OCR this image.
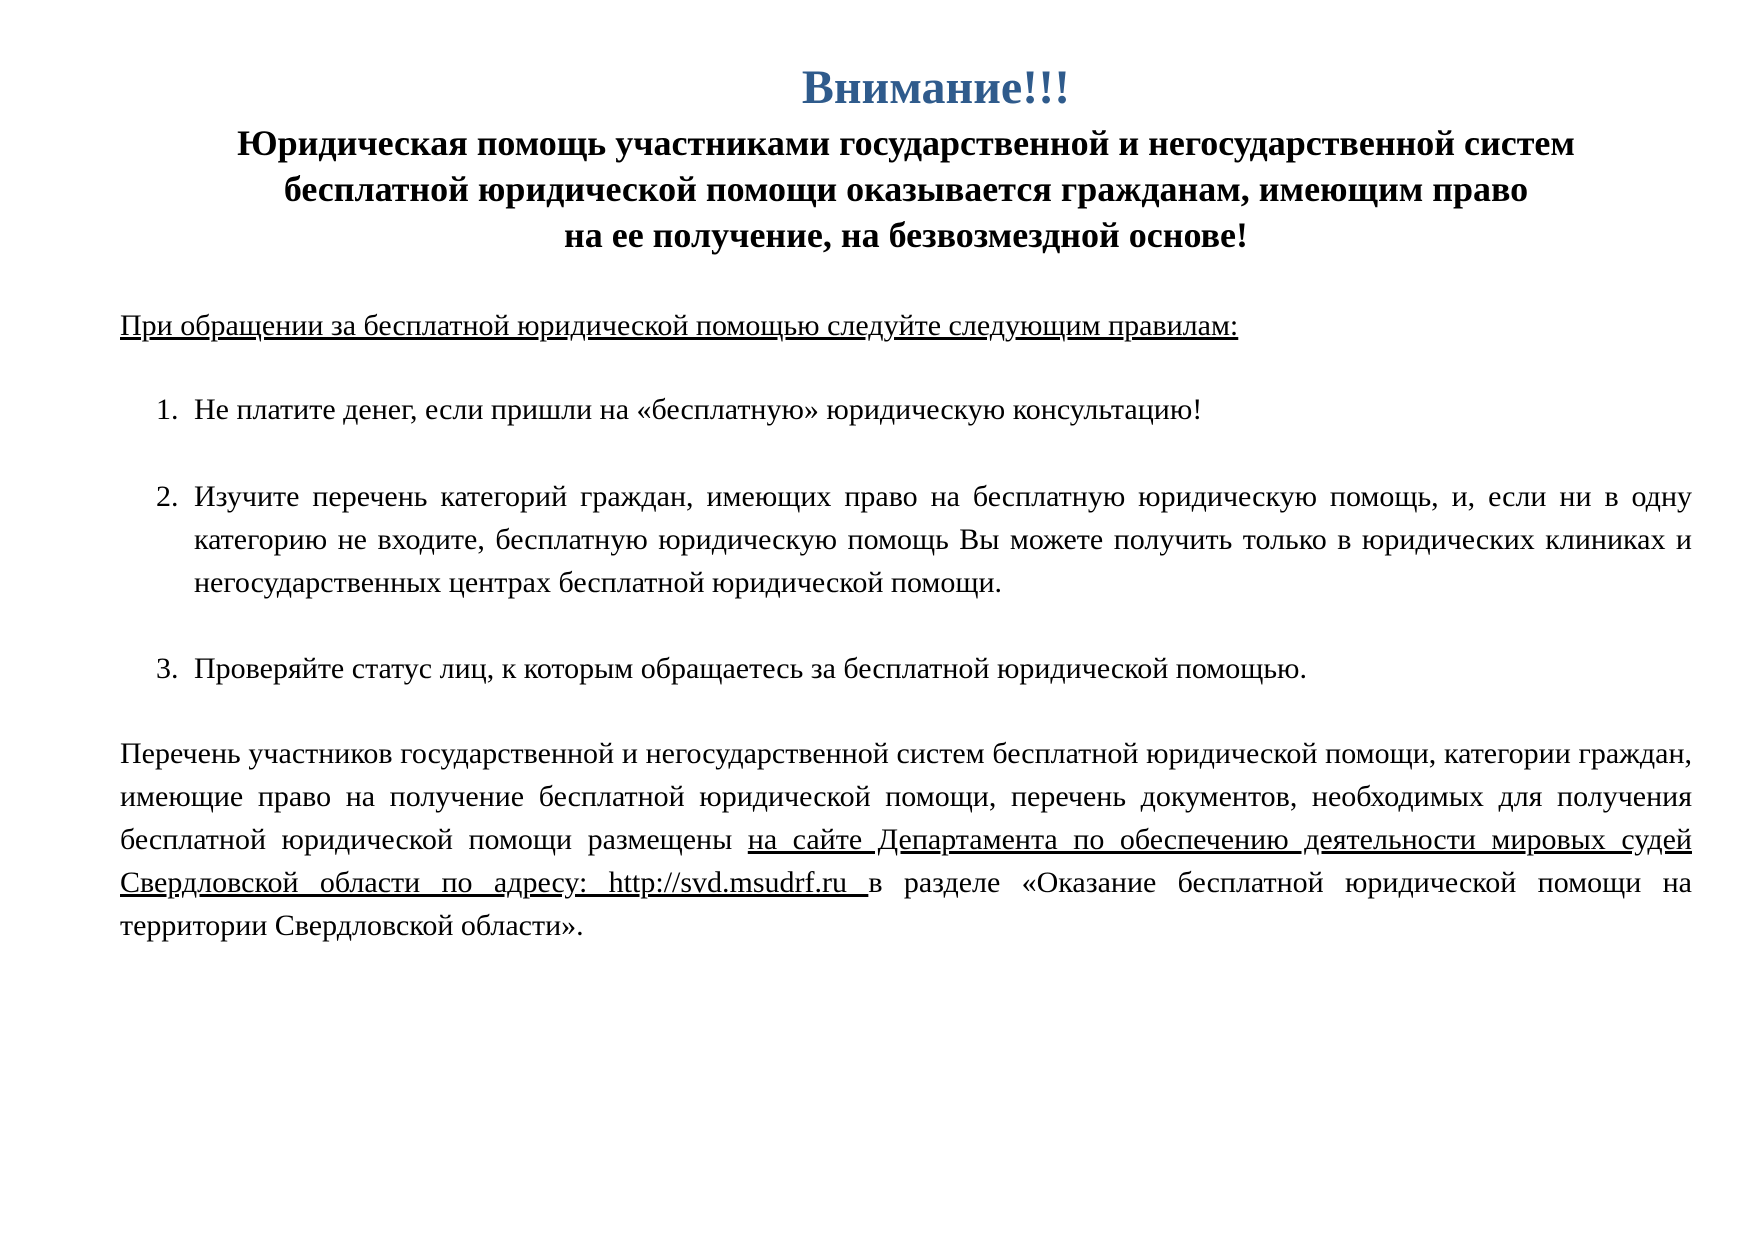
Внимание!!!
Юридическая помощь участниками государственной и негосударственной систем
бесплатной юридической помощи оказывается гражданам, имеющим право
на ее получение, на безвозмездной основе!

При обращении за бесплатной юридической помощью следуйте следующим правилам:

1. Не платите денег, если пришли на «бесплатную» юридическую консультацию!
2. Изучите перечень категорий граждан, имеющих право на бесплатную юридическую помощь, и, если ни в одну категорию не входите, бесплатную юридическую помощь Вы можете получить только в юридических клиниках и негосударственных центрах бесплатной юридической помощи.
3. Проверяйте статус лиц, к которым обращаетесь за бесплатной юридической помощью.

Перечень участников государственной и негосударственной систем бесплатной юридической помощи, категории граждан, имеющие право на получение бесплатной юридической помощи, перечень документов, необходимых для получения бесплатной юридической помощи размещены на сайте Департамента по обеспечению деятельности мировых судей Свердловской области по адресу: http://svd.msudrf.ru в разделе «Оказание бесплатной юридической помощи на территории Свердловской области».
